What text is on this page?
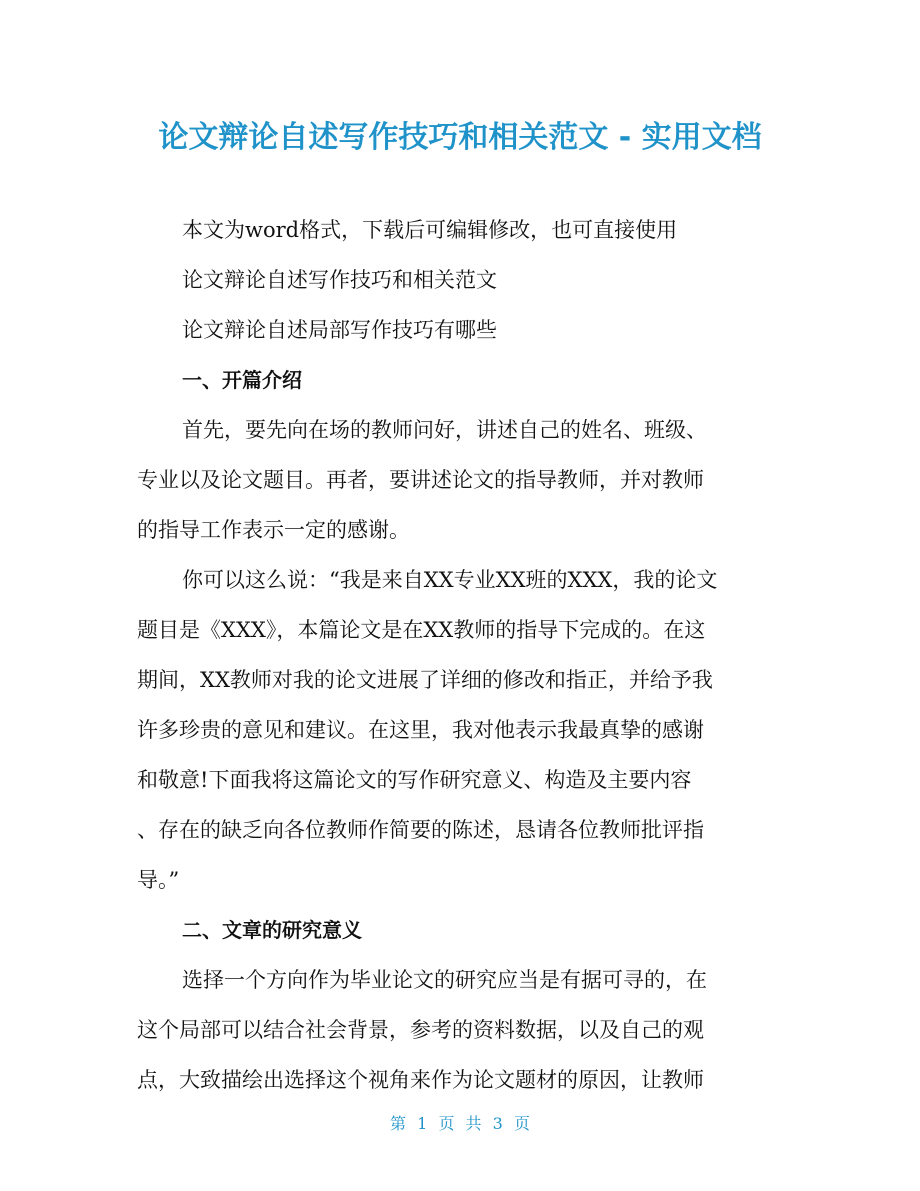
论文辩论自述写作技巧和相关范文 - 实用文档

本文为word格式，下载后可编辑修改，也可直接使用

论文辩论自述写作技巧和相关范文

论文辩论自述局部写作技巧有哪些

一、开篇介绍

首先，要先向在场的教师问好，讲述自己的姓名、班级、

专业以及论文题目。再者，要讲述论文的指导教师，并对教师

的指导工作表示一定的感谢。

你可以这么说：“我是来自XX专业XX班的XXX，我的论文

题目是《XXX》，本篇论文是在XX教师的指导下完成的。在这

期间，XX教师对我的论文进展了详细的修改和指正，并给予我

许多珍贵的意见和建议。在这里，我对他表示我最真挚的感谢

和敬意!下面我将这篇论文的写作研究意义、构造及主要内容

、存在的缺乏向各位教师作简要的陈述，恳请各位教师批评指

导。”

二、文章的研究意义

选择一个方向作为毕业论文的研究应当是有据可寻的，在

这个局部可以结合社会背景，参考的资料数据，以及自己的观

点，大致描绘出选择这个视角来作为论文题材的原因，让教师

第 1 页 共 3 页
